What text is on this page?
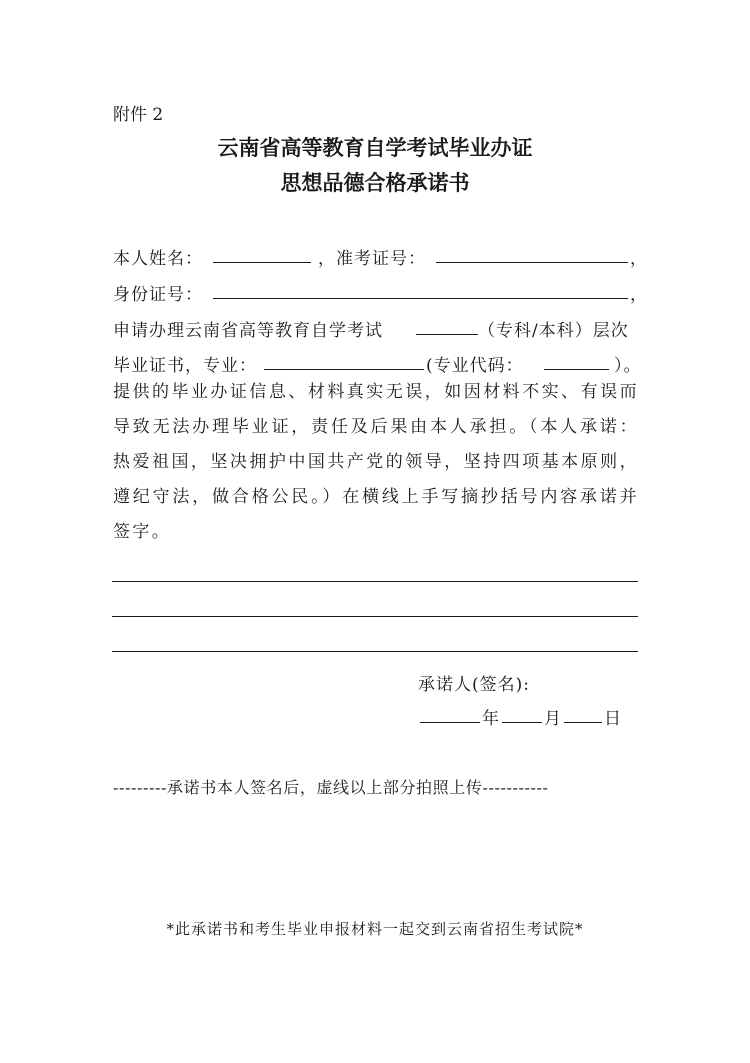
附件 2
云南省高等教育自学考试毕业办证
思想品德合格承诺书
本人姓名：	，准考证号：	，
身份证号：	，
申请办理云南省高等教育自学考试	（专科/本科）层次
毕业证书，专业：	(专业代码：	）。
提供的毕业办证信息、材料真实无误，如因材料不实、有误而导致无法办理毕业证，责任及后果由本人承担。（本人承诺：热爱祖国，坚决拥护中国共产党的领导，坚持四项基本原则，遵纪守法，做合格公民。）在横线上手写摘抄括号内容承诺并签字。
承诺人(签名):
年	月 日
---------承诺书本人签名后，虚线以上部分拍照上传-----------
*此承诺书和考生毕业申报材料一起交到云南省招生考试院*
